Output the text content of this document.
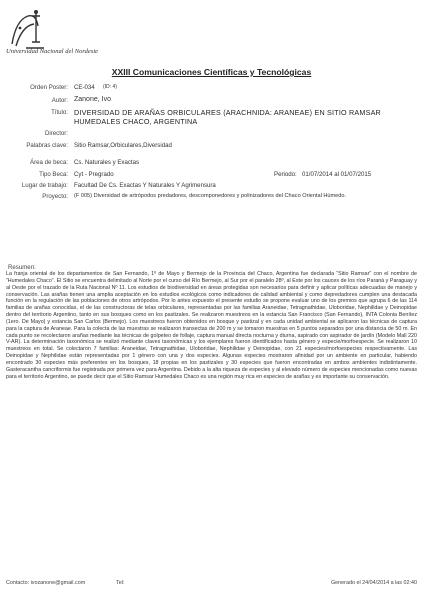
Universidad Nacional del Nordeste
XXIII Comunicaciones Científicas y Tecnológicas
Orden Poster: CE-034 (ID: 4)
Autor: Zanone, Ivo
Título: DIVERSIDAD DE ARAÑAS ORBICULARES (ARACHNIDA: ARANEAE) EN SITIO RAMSAR HUMEDALES CHACO, ARGENTINA
Director:
Palabras clave: Sitio Ramsar,Orbiculares,Diversidad
Área de beca: Cs. Naturales y Exactas
Tipo Beca: Cyt - Pregrado	Periodo: 01/07/2014 al 01/07/2015
Lugar de trabajo: Facultad De Cs. Exactas Y Naturales Y Agrimensura
Proyecto: (F 005) Diversidad de artrópodos predadores, descomponedores y polinizadores del Chaco Oriental Húmedo.
Resumen:
La franja oriental de los departamentos de San Fernando, 1º de Mayo y Bermejo de la Provincia del Chaco, Argentina fue declarada “Sitio Ramsar” con el nombre de “Humedales Chaco”. El Sitio se encuentra delimitado al Norte por el curso del Río Bermejo, al Sur por el paralelo 28º, al Este por los cauces de los ríos Paraná y Paraguay y al Oeste por el trazado de la Ruta Nacional Nº 11. Los estudios de biodiversidad en áreas protegidas son necesarios para definir y aplicar políticas adecuadas de manejo y conservación. Las arañas tienen una amplia aceptación en los estudios ecológicos como indicadores de calidad ambiental y como depredadores cumplen una destacada función en la regulación de las poblaciones de otros artrópodos. Por lo antes expuesto el presente estudio se propone evaluar uno de los gremios que agrupa 6 de las 114 familias de arañas conocidas, el de las constructoras de telas orbiculares, representadas por las familias Araneidae, Tetragnathidae, Uloboridae, Nephilidae y Deinopidae dentro del territorio Argentino, tanto en sus bosques como en los pastizales. Se realizaron muestreos en la estancia San Francisco (San Fernando), INTA Colonia Benítez (1ero. De Mayo) y estancia San Carlos (Bermejo). Los muestreos fueron obtenidos en bosque y pastizal y en cada unidad ambiental se aplicaron las técnicas de captura para la captura de Araneae. Para la colecta de las muestras se realizaron transectas de 200 m y se tomaron muestras en 5 puntos separados por una distancia de 50 m. En cada punto se recolectaron arañas mediante las técnicas de golpeteo de follaje, captura manual directa nocturna y diurna, aspirado con aspirador de jardín (Modelo Mall 220 V-AR). La determinación taxonómica se realizó mediante claves taxonómicas y los ejemplares fueron identificados hasta género y especie/morfoespecie. Se realizaron 10 muestreos en total. Se colectaron 7 familias: Araneidae, Tetragnathidae, Uloboridae, Nephilidae y Deinopidae, con 21 especies/morfoespecies respectivamente. Las Deinopidae y Nephilidae están representadas por 1 género con una y dos especies. Algunas especies mostraron afinidad por un ambiente en particular, habiendo encontrado 30 especies más preferentes en los bosques, 18 propias en los pastizales y 30 especies que fueron encontradas en ambos ambientes indistintamente. Gasteracantha cancriformis fue registrada por primera vez para Argentina. Debido a la alta riqueza de especies y al elevado número de especies mencionadas como nuevas para el territorio Argentino, se puede decir que el Sitio Ramsar Humedales Chaco es una región muy rica en especies de arañas y es importante su conservación.
Contacto: ivozanone@gmail.com	Tel:	Generado el 24/04/2014 a las 02:40
